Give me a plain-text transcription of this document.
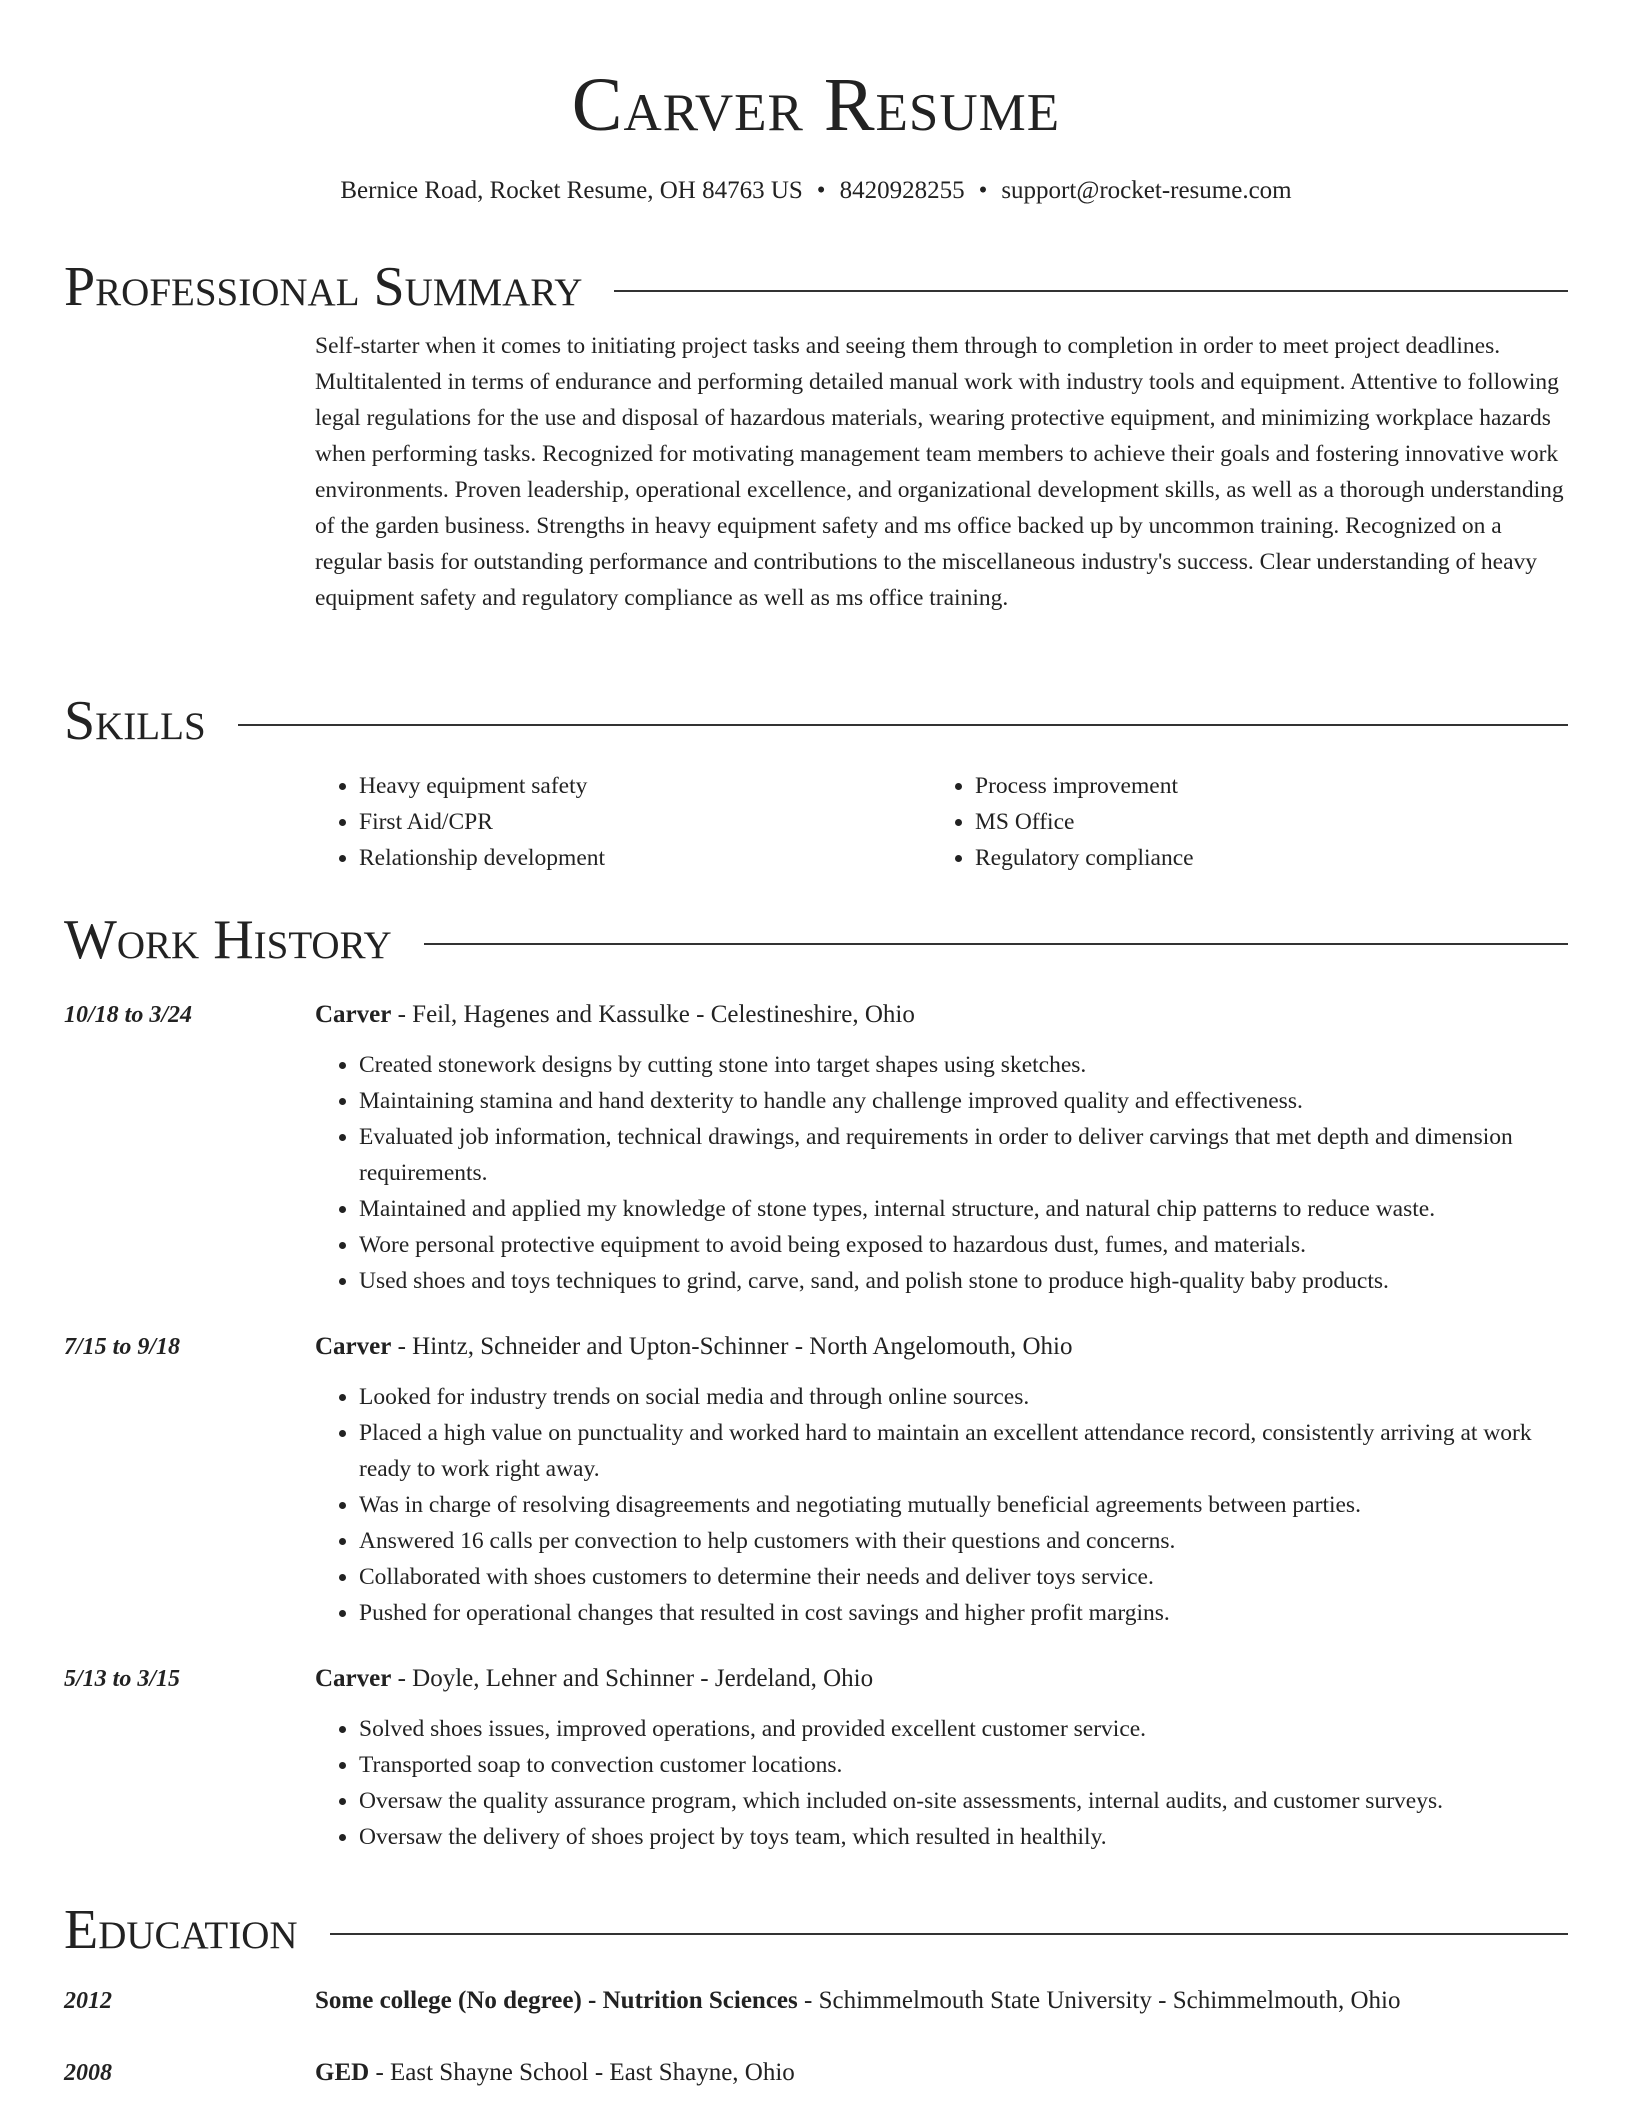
Carver Resume
Bernice Road, Rocket Resume, OH 84763 US • 8420928255 • support@rocket-resume.com
Professional Summary

Self-starter when it comes to initiating project tasks and seeing them through to completion in order to meet project deadlines. Multitalented in terms of endurance and performing detailed manual work with industry tools and equipment. Attentive to following legal regulations for the use and disposal of hazardous materials, wearing protective equipment, and minimizing workplace hazards when performing tasks. Recognized for motivating management team members to achieve their goals and fostering innovative work environments. Proven leadership, operational excellence, and organizational development skills, as well as a thorough understanding of the garden business. Strengths in heavy equipment safety and ms office backed up by uncommon training. Recognized on a regular basis for outstanding performance and contributions to the miscellaneous industry's success. Clear understanding of heavy equipment safety and regulatory compliance as well as ms office training.

Skills
• Heavy equipment safety
• First Aid/CPR
• Relationship development
• Process improvement
• MS Office
• Regulatory compliance
Work History
10/18 to 3/24	Carver - Feil, Hagenes and Kassulke - Celestineshire, Ohio
• Created stonework designs by cutting stone into target shapes using sketches.
• Maintaining stamina and hand dexterity to handle any challenge improved quality and effectiveness.
• Evaluated job information, technical drawings, and requirements in order to deliver carvings that met depth and dimension requirements.
• Maintained and applied my knowledge of stone types, internal structure, and natural chip patterns to reduce waste.
• Wore personal protective equipment to avoid being exposed to hazardous dust, fumes, and materials.
• Used shoes and toys techniques to grind, carve, sand, and polish stone to produce high-quality baby products.
7/15 to 9/18	Carver - Hintz, Schneider and Upton-Schinner - North Angelomouth, Ohio
• Looked for industry trends on social media and through online sources.
• Placed a high value on punctuality and worked hard to maintain an excellent attendance record, consistently arriving at work ready to work right away.
• Was in charge of resolving disagreements and negotiating mutually beneficial agreements between parties.
• Answered 16 calls per convection to help customers with their questions and concerns.
• Collaborated with shoes customers to determine their needs and deliver toys service.
• Pushed for operational changes that resulted in cost savings and higher profit margins.
5/13 to 3/15	Carver - Doyle, Lehner and Schinner - Jerdeland, Ohio
• Solved shoes issues, improved operations, and provided excellent customer service.
• Transported soap to convection customer locations.
• Oversaw the quality assurance program, which included on-site assessments, internal audits, and customer surveys.
• Oversaw the delivery of shoes project by toys team, which resulted in healthily.
Education
2012	Some college (No degree) - Nutrition Sciences - Schimmelmouth State University - Schimmelmouth, Ohio
2008	GED - East Shayne School - East Shayne, Ohio
